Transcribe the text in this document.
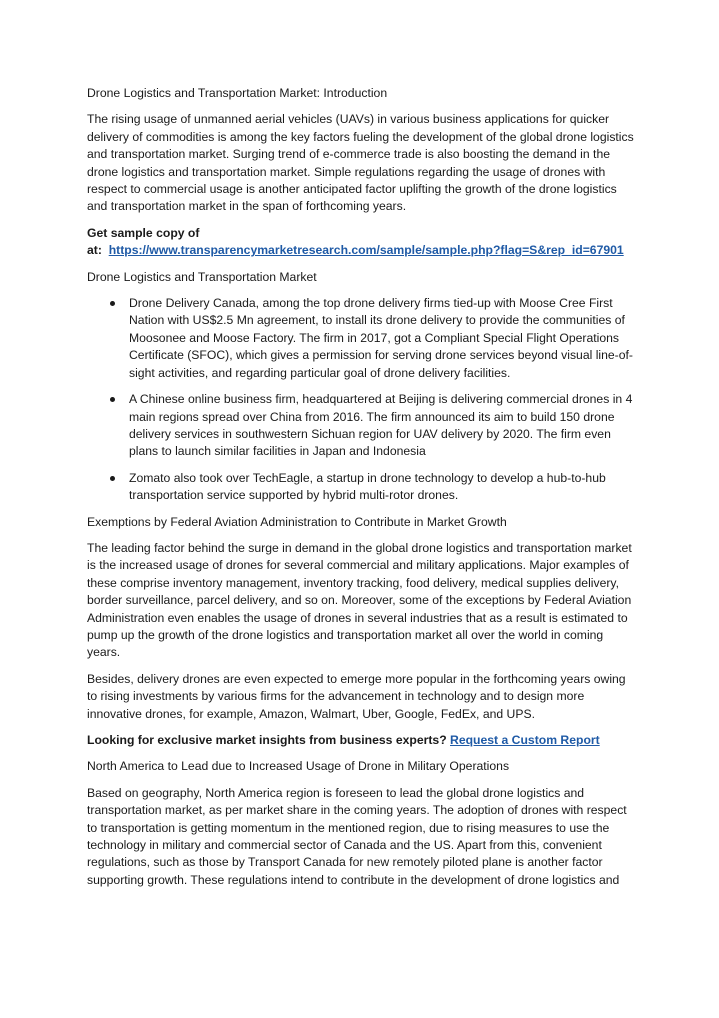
Drone Logistics and Transportation Market: Introduction

The rising usage of unmanned aerial vehicles (UAVs) in various business applications for quicker delivery of commodities is among the key factors fueling the development of the global drone logistics and transportation market. Surging trend of e-commerce trade is also boosting the demand in the drone logistics and transportation market. Simple regulations regarding the usage of drones with respect to commercial usage is another anticipated factor uplifting the growth of the drone logistics and transportation market in the span of forthcoming years.

Get sample copy of
at: https://www.transparencymarketresearch.com/sample/sample.php?flag=S&rep_id=67901

Drone Logistics and Transportation Market

Drone Delivery Canada, among the top drone delivery firms tied-up with Moose Cree First Nation with US$2.5 Mn agreement, to install its drone delivery to provide the communities of Moosonee and Moose Factory. The firm in 2017, got a Compliant Special Flight Operations Certificate (SFOC), which gives a permission for serving drone services beyond visual line-of-sight activities, and regarding particular goal of drone delivery facilities.
A Chinese online business firm, headquartered at Beijing is delivering commercial drones in 4 main regions spread over China from 2016. The firm announced its aim to build 150 drone delivery services in southwestern Sichuan region for UAV delivery by 2020. The firm even plans to launch similar facilities in Japan and Indonesia
Zomato also took over TechEagle, a startup in drone technology to develop a hub-to-hub transportation service supported by hybrid multi-rotor drones.

Exemptions by Federal Aviation Administration to Contribute in Market Growth

The leading factor behind the surge in demand in the global drone logistics and transportation market is the increased usage of drones for several commercial and military applications. Major examples of these comprise inventory management, inventory tracking, food delivery, medical supplies delivery, border surveillance, parcel delivery, and so on. Moreover, some of the exceptions by Federal Aviation Administration even enables the usage of drones in several industries that as a result is estimated to pump up the growth of the drone logistics and transportation market all over the world in coming years.

Besides, delivery drones are even expected to emerge more popular in the forthcoming years owing to rising investments by various firms for the advancement in technology and to design more innovative drones, for example, Amazon, Walmart, Uber, Google, FedEx, and UPS.

Looking for exclusive market insights from business experts? Request a Custom Report

North America to Lead due to Increased Usage of Drone in Military Operations

Based on geography, North America region is foreseen to lead the global drone logistics and transportation market, as per market share in the coming years. The adoption of drones with respect to transportation is getting momentum in the mentioned region, due to rising measures to use the technology in military and commercial sector of Canada and the US. Apart from this, convenient regulations, such as those by Transport Canada for new remotely piloted plane is another factor supporting growth. These regulations intend to contribute in the development of drone logistics and
